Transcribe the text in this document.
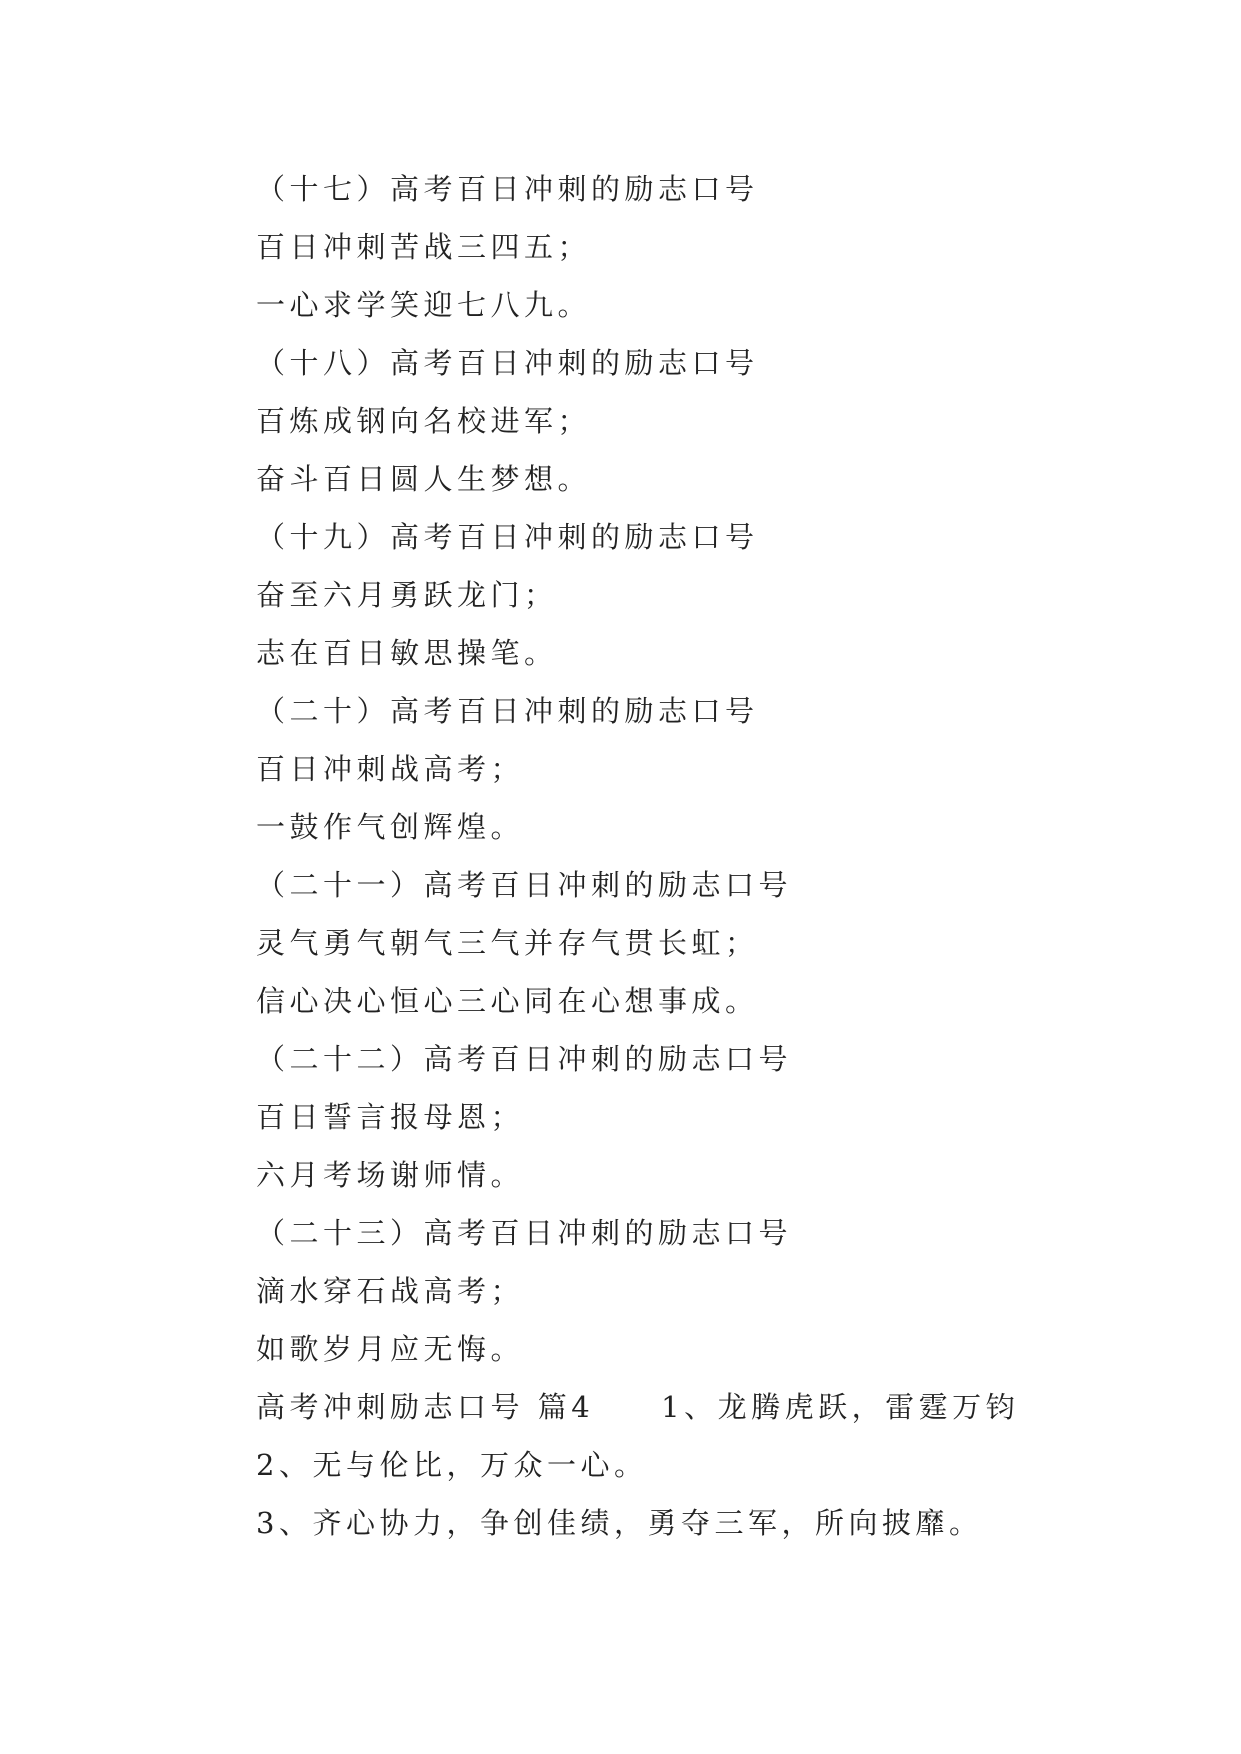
（十七）高考百日冲刺的励志口号
百日冲刺苦战三四五；
一心求学笑迎七八九。
（十八）高考百日冲刺的励志口号
百炼成钢向名校进军；
奋斗百日圆人生梦想。
（十九）高考百日冲刺的励志口号
奋至六月勇跃龙门；
志在百日敏思操笔。
（二十）高考百日冲刺的励志口号
百日冲刺战高考；
一鼓作气创辉煌。
（二十一）高考百日冲刺的励志口号
灵气勇气朝气三气并存气贯长虹；
信心决心恒心三心同在心想事成。
（二十二）高考百日冲刺的励志口号
百日誓言报母恩；
六月考场谢师情。
（二十三）高考百日冲刺的励志口号
滴水穿石战高考；
如歌岁月应无悔。
高考冲刺励志口号 篇4　　1、龙腾虎跃，雷霆万钧
2、无与伦比，万众一心。
3、齐心协力，争创佳绩，勇夺三军，所向披靡。
